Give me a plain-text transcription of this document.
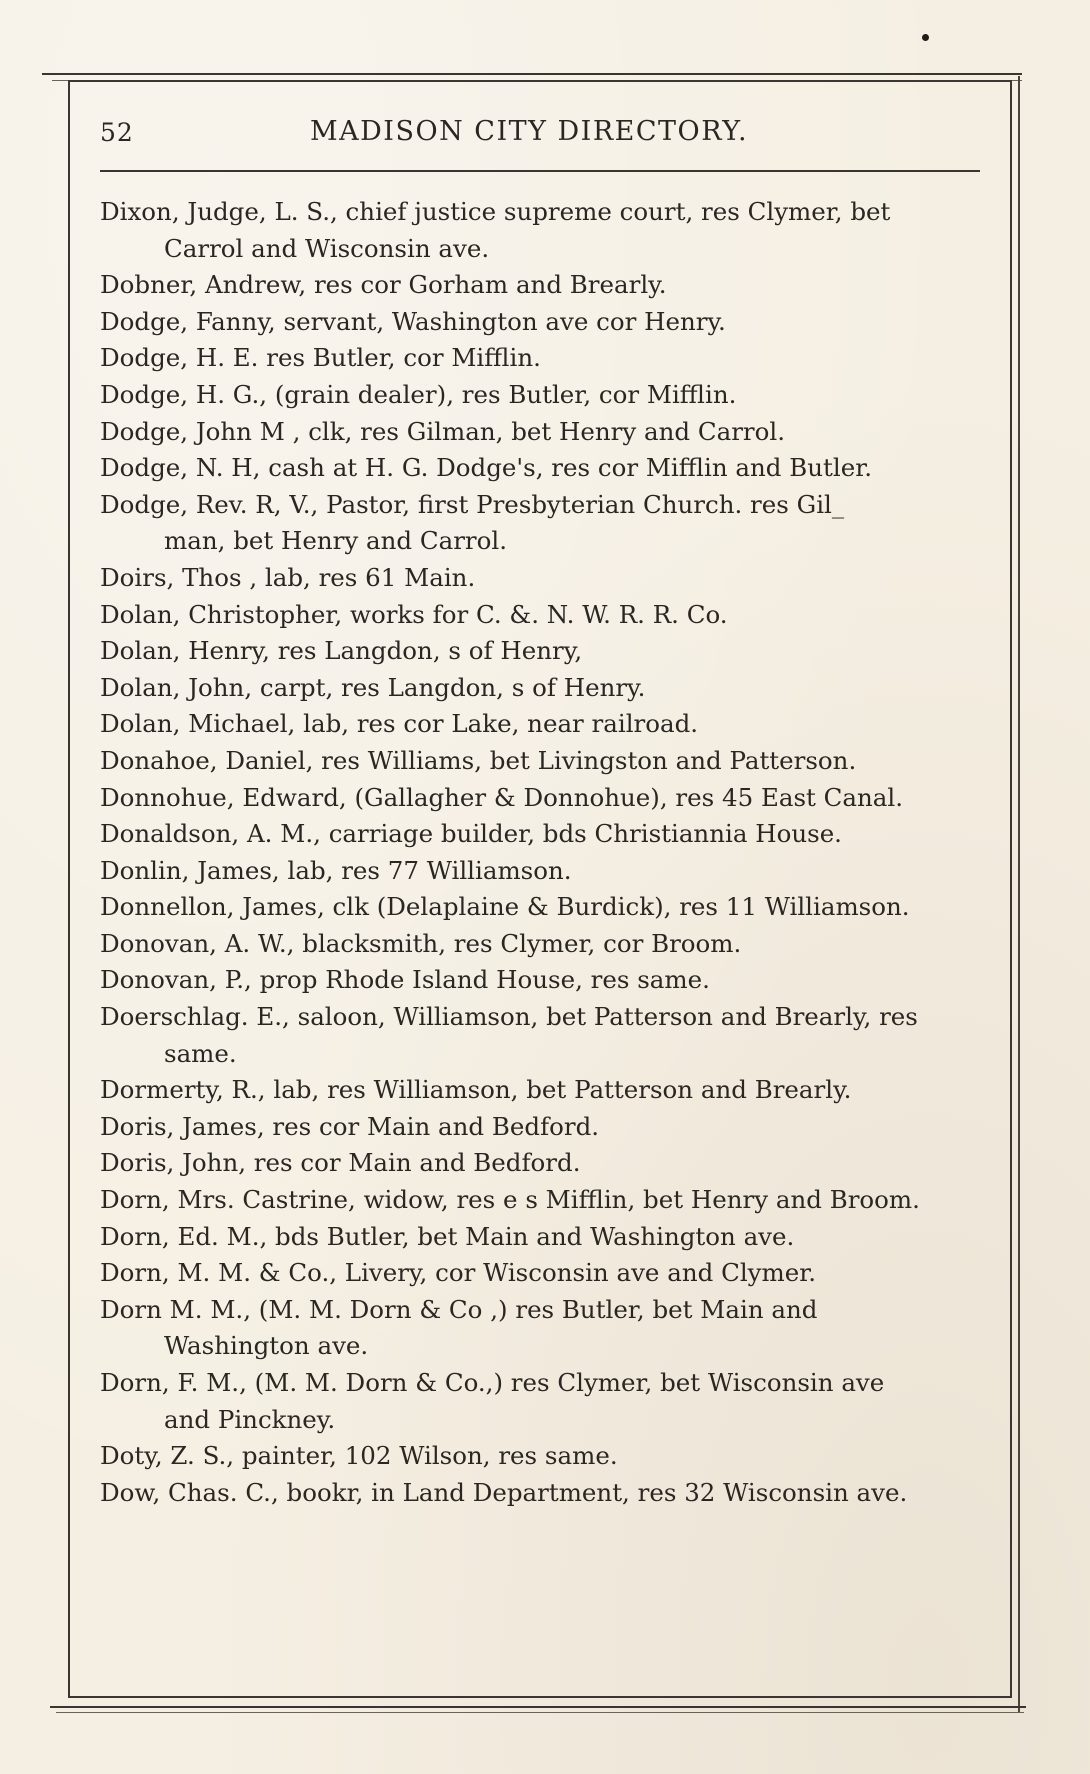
52	MADISON CITY DIRECTORY.
Dixon, Judge, L. S., chief justice supreme court, res Clymer, bet
Carrol and Wisconsin ave.
Dobner, Andrew, res cor Gorham and Brearly.
Dodge, Fanny, servant, Washington ave cor Henry.
Dodge, H. E. res Butler, cor Mifflin.
Dodge, H. G., (grain dealer), res Butler, cor Mifflin.
Dodge, John M , clk, res Gilman, bet Henry and Carrol.
Dodge, N. H, cash at H. G. Dodge's, res cor Mifflin and Butler.
Dodge, Rev. R, V., Pastor, first Presbyterian Church. res Gil_
man, bet Henry and Carrol.
Doirs, Thos , lab, res 61 Main.
Dolan, Christopher, works for C. &. N. W. R. R. Co.
Dolan, Henry, res Langdon, s of Henry,
Dolan, John, carpt, res Langdon, s of Henry.
Dolan, Michael, lab, res cor Lake, near railroad.
Donahoe, Daniel, res Williams, bet Livingston and Patterson.
Donnohue, Edward, (Gallagher & Donnohue), res 45 East Canal.
Donaldson, A. M., carriage builder, bds Christiannia House.
Donlin, James, lab, res 77 Williamson.
Donnellon, James, clk (Delaplaine & Burdick), res 11 Williamson.
Donovan, A. W., blacksmith, res Clymer, cor Broom.
Donovan, P., prop Rhode Island House, res same.
Doerschlag. E., saloon, Williamson, bet Patterson and Brearly, res
same.
Dormerty, R., lab, res Williamson, bet Patterson and Brearly.
Doris, James, res cor Main and Bedford.
Doris, John, res cor Main and Bedford.
Dorn, Mrs. Castrine, widow, res e s Mifflin, bet Henry and Broom.
Dorn, Ed. M., bds Butler, bet Main and Washington ave.
Dorn, M. M. & Co., Livery, cor Wisconsin ave and Clymer.
Dorn M. M., (M. M. Dorn & Co ,) res Butler, bet Main and
Washington ave.
Dorn, F. M., (M. M. Dorn & Co.,) res Clymer, bet Wisconsin ave
and Pinckney.
Doty, Z. S., painter, 102 Wilson, res same.
Dow, Chas. C., bookr, in Land Department, res 32 Wisconsin ave.
